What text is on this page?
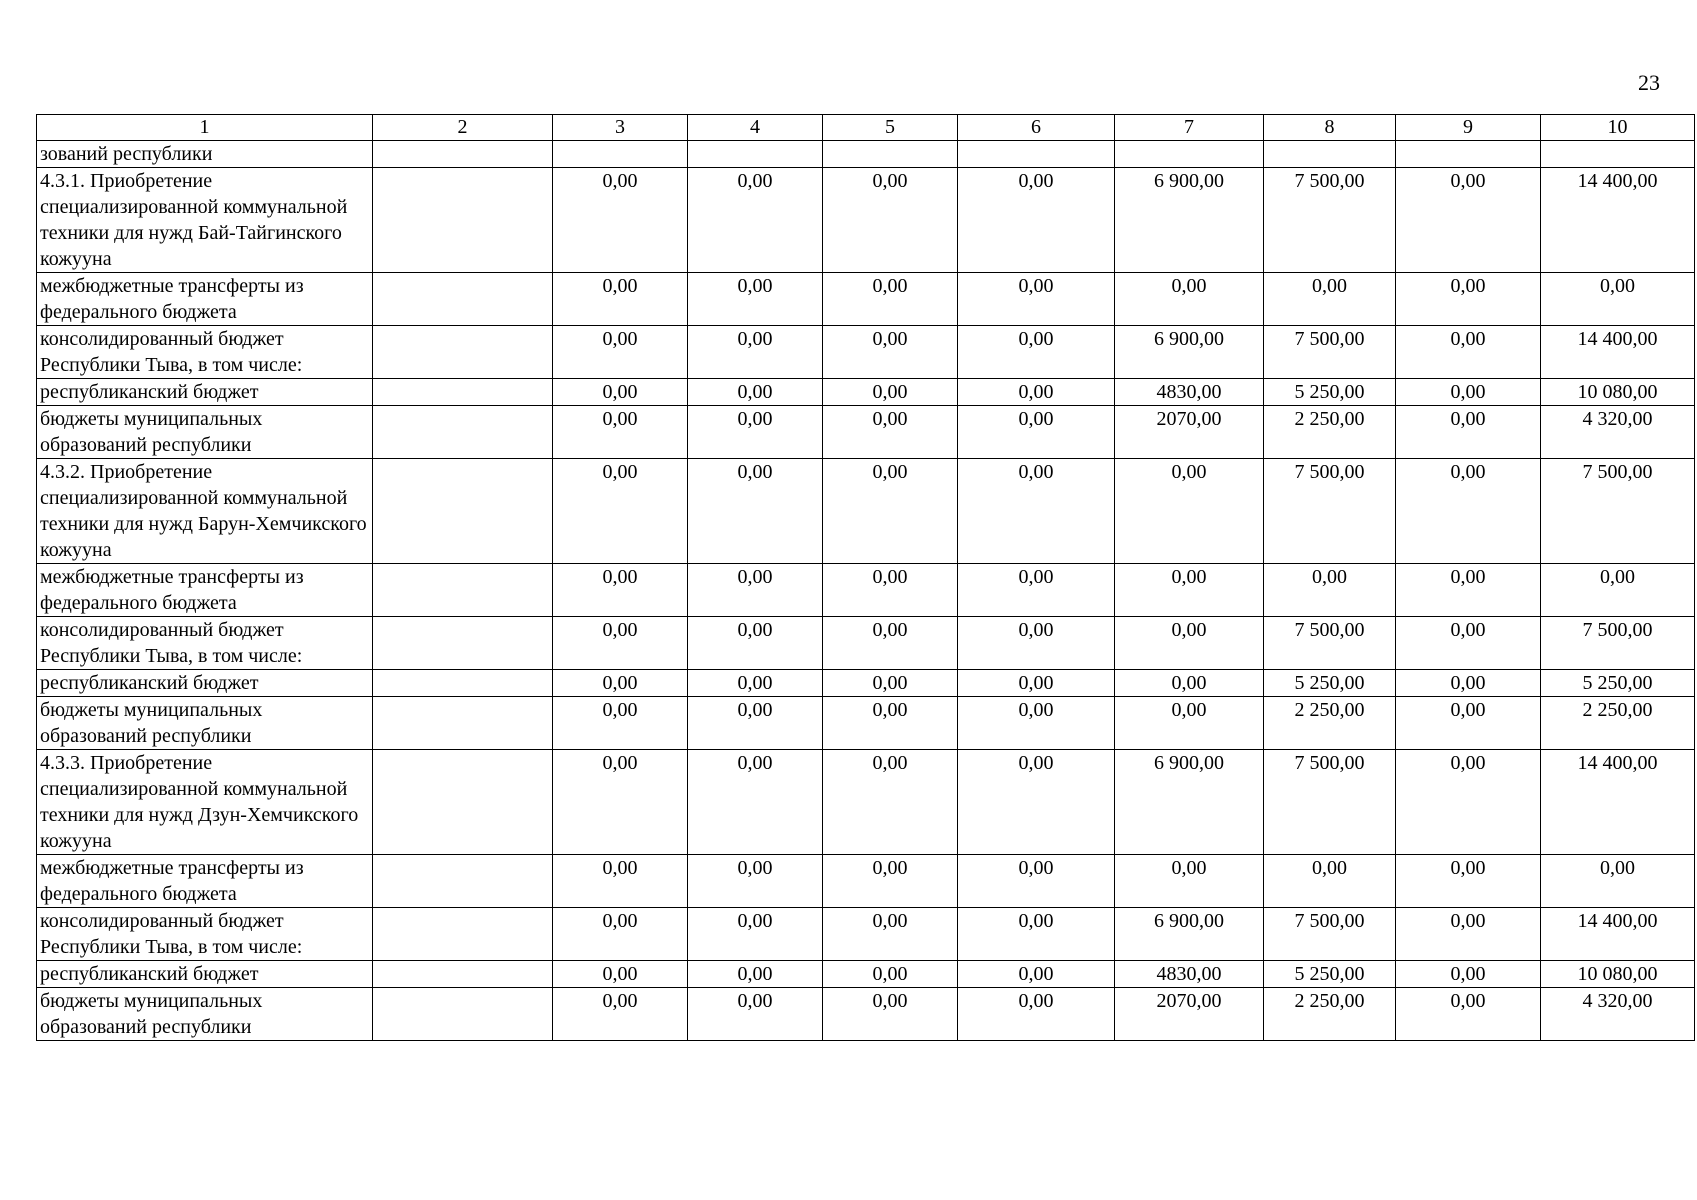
23
1	2	3	4	5	6	7	8	9	10
зований республики									
4.3.1. Приобретение специализированной коммунальной техники для нужд Бай-Тайгинского кожууна		0,00	0,00	0,00	0,00	6 900,00	7 500,00	0,00	14 400,00
межбюджетные трансферты из федерального бюджета		0,00	0,00	0,00	0,00	0,00	0,00	0,00	0,00
консолидированный бюджет Республики Тыва, в том числе:		0,00	0,00	0,00	0,00	6 900,00	7 500,00	0,00	14 400,00
республиканский бюджет		0,00	0,00	0,00	0,00	4830,00	5 250,00	0,00	10 080,00
бюджеты муниципальных образований республики		0,00	0,00	0,00	0,00	2070,00	2 250,00	0,00	4 320,00
4.3.2. Приобретение специализированной коммунальной техники для нужд Барун-Хемчикского кожууна		0,00	0,00	0,00	0,00	0,00	7 500,00	0,00	7 500,00
межбюджетные трансферты из федерального бюджета		0,00	0,00	0,00	0,00	0,00	0,00	0,00	0,00
консолидированный бюджет Республики Тыва, в том числе:		0,00	0,00	0,00	0,00	0,00	7 500,00	0,00	7 500,00
республиканский бюджет		0,00	0,00	0,00	0,00	0,00	5 250,00	0,00	5 250,00
бюджеты муниципальных образований республики		0,00	0,00	0,00	0,00	0,00	2 250,00	0,00	2 250,00
4.3.3. Приобретение специализированной коммунальной техники для нужд Дзун-Хемчикского кожууна		0,00	0,00	0,00	0,00	6 900,00	7 500,00	0,00	14 400,00
межбюджетные трансферты из федерального бюджета		0,00	0,00	0,00	0,00	0,00	0,00	0,00	0,00
консолидированный бюджет Республики Тыва, в том числе:		0,00	0,00	0,00	0,00	6 900,00	7 500,00	0,00	14 400,00
республиканский бюджет		0,00	0,00	0,00	0,00	4830,00	5 250,00	0,00	10 080,00
бюджеты муниципальных образований республики		0,00	0,00	0,00	0,00	2070,00	2 250,00	0,00	4 320,00
